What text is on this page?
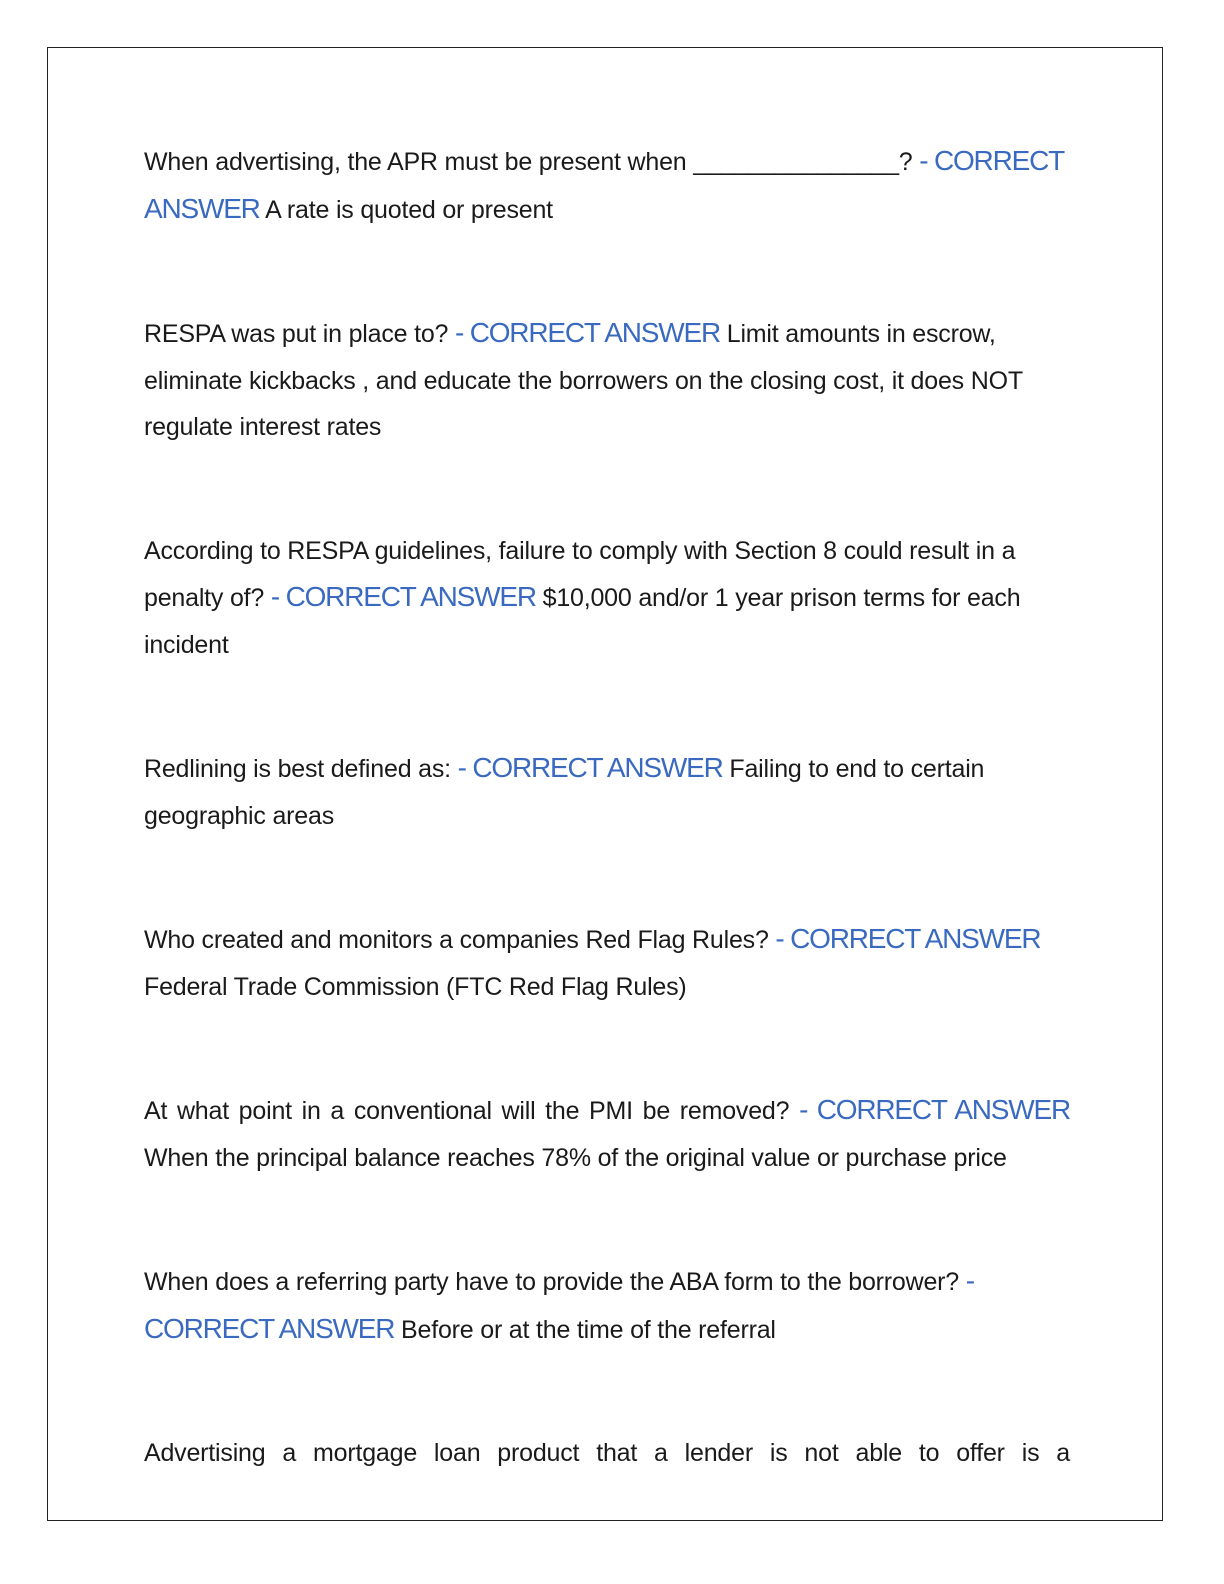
When advertising, the APR must be present when _______________? - CORRECT ANSWER A rate is quoted or present

RESPA was put in place to? - CORRECT ANSWER Limit amounts in escrow, eliminate kickbacks , and educate the borrowers on the closing cost, it does NOT regulate interest rates

According to RESPA guidelines, failure to comply with Section 8 could result in a penalty of? - CORRECT ANSWER $10,000 and/or 1 year prison terms for each incident

Redlining is best defined as: - CORRECT ANSWER Failing to end to certain geographic areas

Who created and monitors a companies Red Flag Rules? - CORRECT ANSWER Federal Trade Commission (FTC Red Flag Rules)

At what point in a conventional will the PMI be removed? - CORRECT ANSWER When the principal balance reaches 78% of the original value or purchase price

When does a referring party have to provide the ABA form to the borrower? - CORRECT ANSWER Before or at the time of the referral

Advertising a mortgage loan product that a lender is not able to offer is a
